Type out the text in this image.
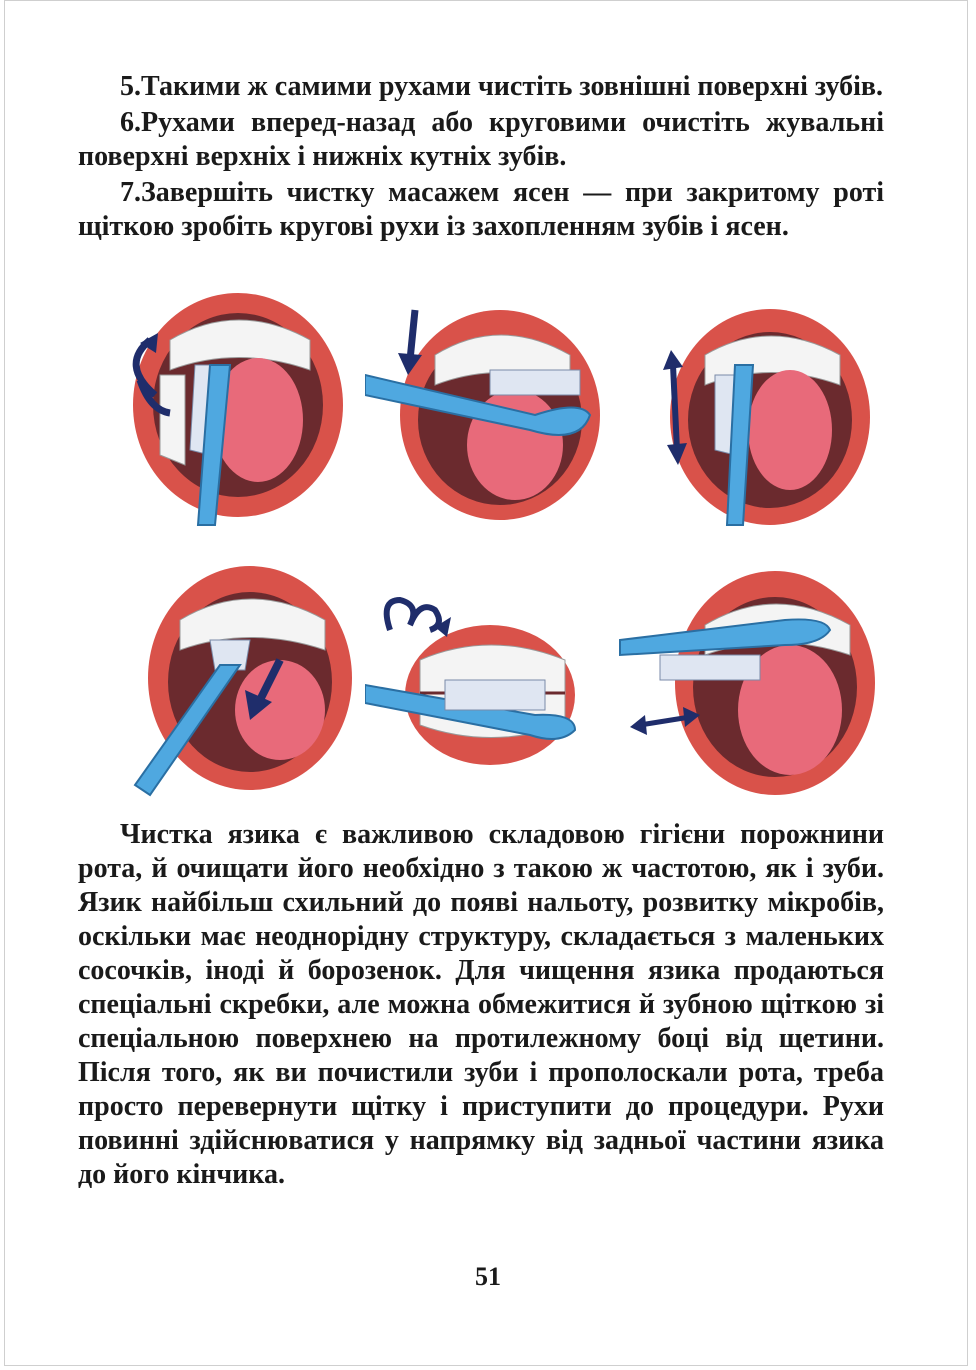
5.Такими ж самими рухами чистіть зовнішні поверхні зубів.

6.Рухами вперед-назад або круговими очистіть жувальні поверхні верхніх і нижніх кутніх зубів.

7.Завершіть чистку масажем ясен — при закритому роті щіткою зробіть кругові рухи із захопленням зубів і ясен.

Чистка язика є важливою складовою гігієни порожнини рота, й очищати його необхідно з такою ж частотою, як і зуби. Язик найбільш схильний до появі нальоту, розвитку мікробів, оскільки має неоднорідну структуру, складається з маленьких сосочків, іноді й борозенок. Для чищення язика продаються спеціальні скребки, але можна обмежитися й зубною щіткою зі спеціальною поверхнею на протилежному боці від щетини. Після того, як ви почистили зуби і прополоскали рота, треба просто перевернути щітку і приступити до процедури. Рухи повинні здійснюватися у напрямку від задньої частини язика до його кінчика.

51
